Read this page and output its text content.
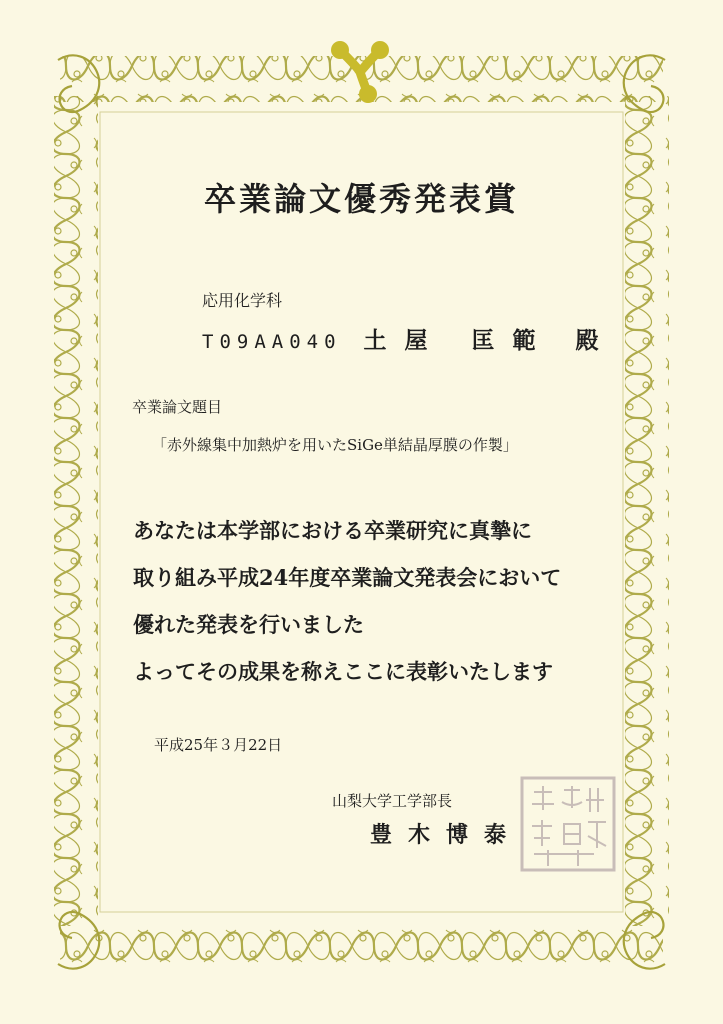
卒業論文優秀発表賞
応用化学科
T09AA040 土屋 匡範 殿
卒業論文題目
「赤外線集中加熱炉を用いたSiGe単結晶厚膜の作製」
あなたは本学部における卒業研究に真摯に
取り組み平成24年度卒業論文発表会において
優れた発表を行いました
よってその成果を称えここに表彰いたします
平成25年３月22日
山梨大学工学部長
豊木博泰
